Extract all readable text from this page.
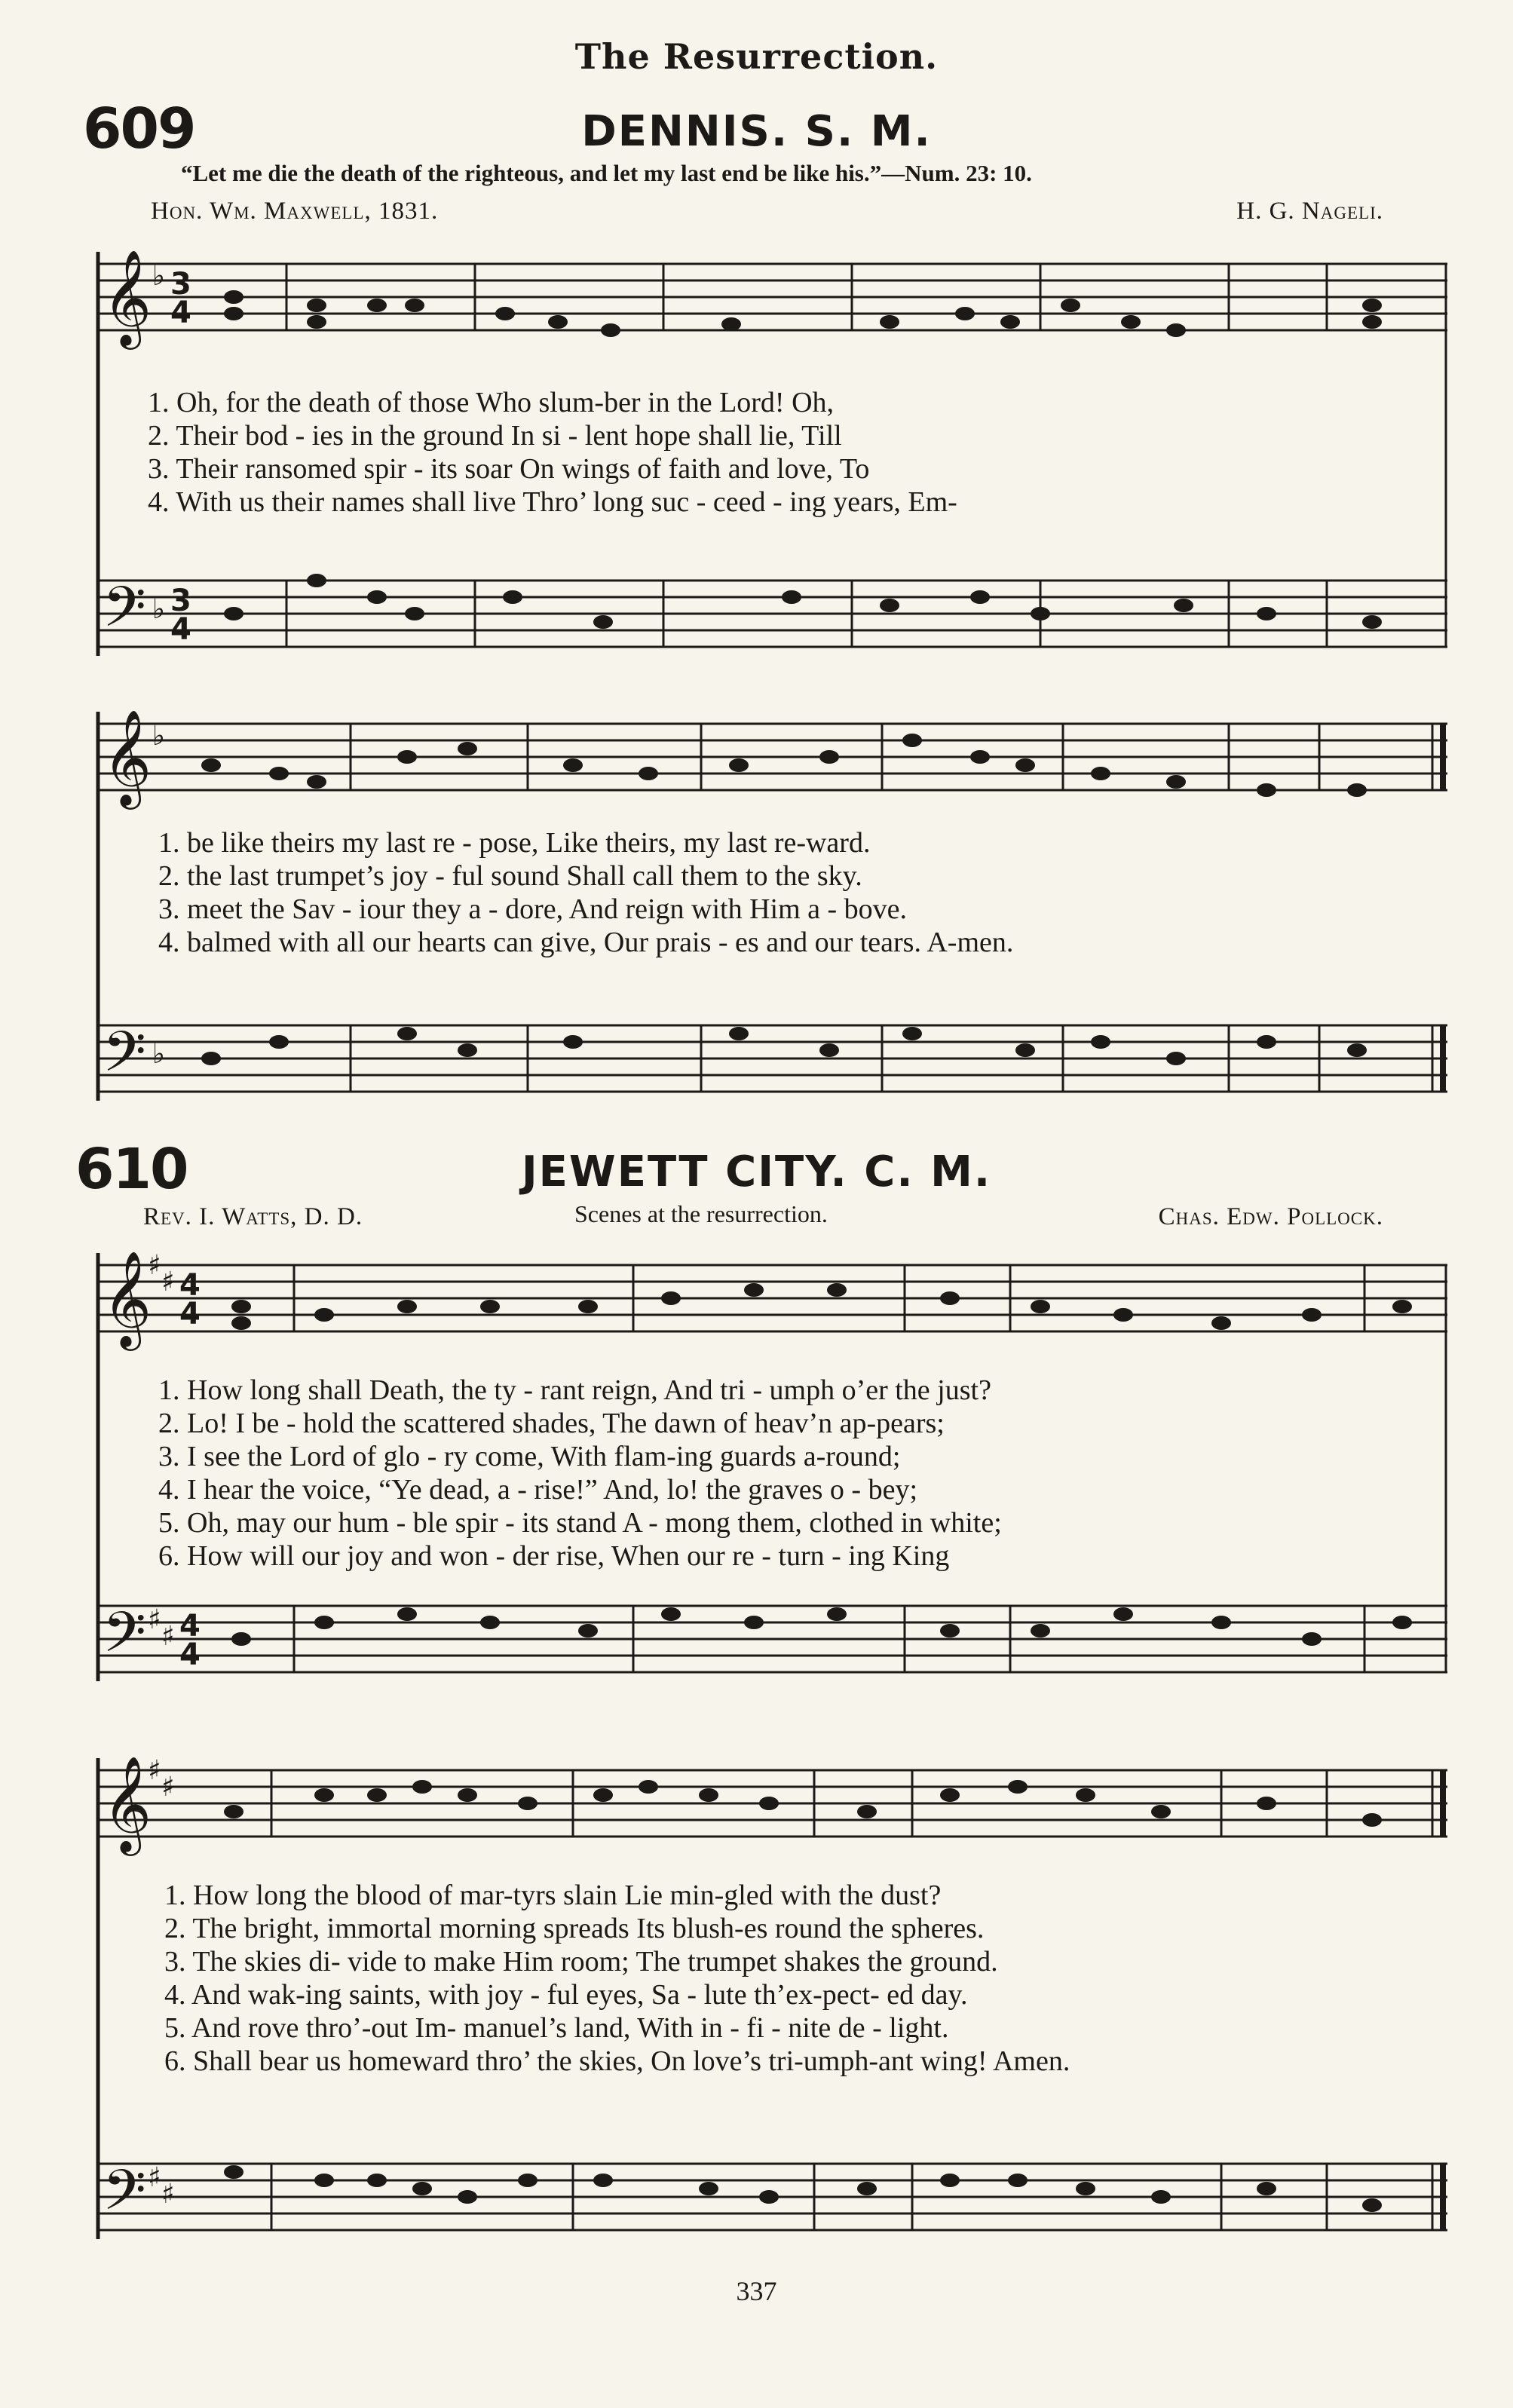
The Resurrection.
609	DENNIS. S. M.
“Let me die the death of the righteous, and let my last end be like his.”—Num. 23: 10.
Hon. Wm. Maxwell, 1831.	H. G. Nageli.
𝄞
𝄢
♭
♭
3
4
3
4
1. Oh, for the death of those Who slum-ber in the Lord! Oh,
2. Their bod - ies in the ground In si - lent hope shall lie, Till
3. Their ransomed spir - its soar On wings of faith and love, To
4. With us their names shall live Thro’ long suc - ceed - ing years, Em-
𝄞
𝄢
♭
♭
1. be like theirs my last re - pose, Like theirs, my last re-ward.
2. the last trumpet’s joy - ful sound Shall call them to the sky.
3. meet the Sav - iour they a - dore, And reign with Him a - bove.
4. balmed with all our hearts can give, Our prais - es and our tears. A-men.
610	JEWETT CITY. C. M.
Rev. I. Watts, D. D.	Scenes at the resurrection.	Chas. Edw. Pollock.
𝄞
𝄢
♯
♯
♯
♯
4
4
4
4
1. How long shall Death, the ty - rant reign, And tri - umph o’er the just?
2. Lo! I be - hold the scattered shades, The dawn of heav’n ap-pears;
3. I see the Lord of glo - ry come, With flam-ing guards a-round;
4. I hear the voice, “Ye dead, a - rise!” And, lo! the graves o - bey;
5. Oh, may our hum - ble spir - its stand A - mong them, clothed in white;
6. How will our joy and won - der rise, When our re - turn - ing King
𝄞
𝄢
♯
♯
♯
♯
1. How long the blood of mar-tyrs slain Lie min-gled with the dust?
2. The bright, immortal morning spreads Its blush-es round the spheres.
3. The skies di- vide to make Him room; The trumpet shakes the ground.
4. And wak-ing saints, with joy - ful eyes, Sa - lute th’ex-pect- ed day.
5. And rove thro’-out Im- manuel’s land, With in - fi - nite de - light.
6. Shall bear us homeward thro’ the skies, On love’s tri-umph-ant wing! Amen.
337
